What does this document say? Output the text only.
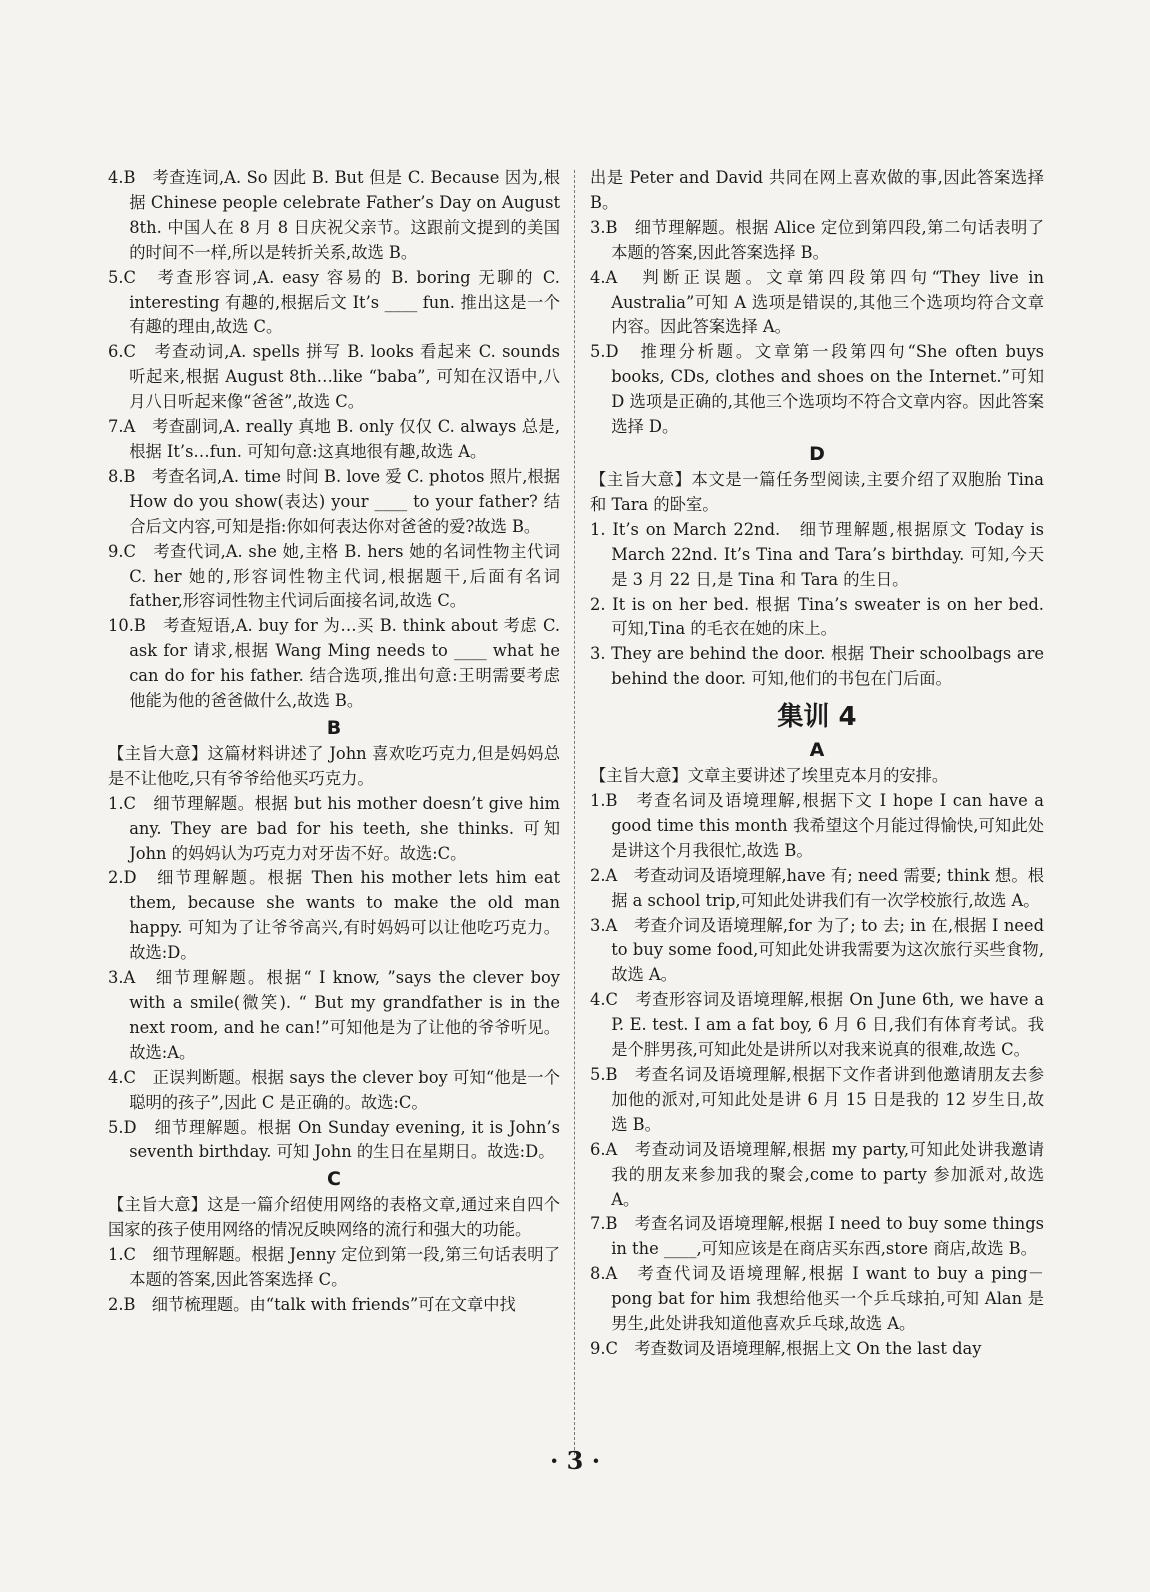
4.B　考查连词,A. So 因此 B. But 但是 C. Because 因为,根据 Chinese people celebrate Father’s Day on August 8th. 中国人在 8 月 8 日庆祝父亲节。这跟前文提到的美国的时间不一样,所以是转折关系,故选 B。
5.C　考查形容词,A. easy 容易的 B. boring 无聊的 C. interesting 有趣的,根据后文 It’s ____ fun. 推出这是一个有趣的理由,故选 C。
6.C　考查动词,A. spells 拼写 B. looks 看起来 C. sounds 听起来,根据 August 8th…like “baba”, 可知在汉语中,八月八日听起来像“爸爸”,故选 C。
7.A　考查副词,A. really 真地 B. only 仅仅 C. always 总是,根据 It’s…fun. 可知句意:这真地很有趣,故选 A。
8.B　考查名词,A. time 时间 B. love 爱 C. photos 照片,根据 How do you show(表达) your ____ to your father? 结合后文内容,可知是指:你如何表达你对爸爸的爱?故选 B。
9.C　考查代词,A. she 她,主格 B. hers 她的名词性物主代词 C. her 她的,形容词性物主代词,根据题干,后面有名词 father,形容词性物主代词后面接名词,故选 C。
10.B　考查短语,A. buy for 为…买 B. think about 考虑 C. ask for 请求,根据 Wang Ming needs to ____ what he can do for his father. 结合选项,推出句意:王明需要考虑他能为他的爸爸做什么,故选 B。
B
【主旨大意】这篇材料讲述了 John 喜欢吃巧克力,但是妈妈总是不让他吃,只有爷爷给他买巧克力。
1.C　细节理解题。根据 but his mother doesn’t give him any. They are bad for his teeth, she thinks. 可知 John 的妈妈认为巧克力对牙齿不好。故选:C。
2.D　细节理解题。根据 Then his mother lets him eat them, because she wants to make the old man happy. 可知为了让爷爷高兴,有时妈妈可以让他吃巧克力。故选:D。
3.A　细节理解题。根据“ I know, ”says the clever boy with a smile(微笑). “ But my grandfather is in the next room, and he can!”可知他是为了让他的爷爷听见。故选:A。
4.C　正误判断题。根据 says the clever boy 可知“他是一个聪明的孩子”,因此 C 是正确的。故选:C。
5.D　细节理解题。根据 On Sunday evening, it is John’s seventh birthday. 可知 John 的生日在星期日。故选:D。
C
【主旨大意】这是一篇介绍使用网络的表格文章,通过来自四个国家的孩子使用网络的情况反映网络的流行和强大的功能。
1.C　细节理解题。根据 Jenny 定位到第一段,第三句话表明了本题的答案,因此答案选择 C。
2.B　细节梳理题。由“talk with friends”可在文章中找
出是 Peter and David 共同在网上喜欢做的事,因此答案选择 B。
3.B　细节理解题。根据 Alice 定位到第四段,第二句话表明了本题的答案,因此答案选择 B。
4.A　判断正误题。文章第四段第四句“They live in Australia”可知 A 选项是错误的,其他三个选项均符合文章内容。因此答案选择 A。
5.D　推理分析题。文章第一段第四句“She often buys books, CDs, clothes and shoes on the Internet.”可知 D 选项是正确的,其他三个选项均不符合文章内容。因此答案选择 D。
D
【主旨大意】本文是一篇任务型阅读,主要介绍了双胞胎 Tina 和 Tara 的卧室。
1. It’s on March 22nd.　细节理解题,根据原文 Today is March 22nd. It’s Tina and Tara’s birthday. 可知,今天是 3 月 22 日,是 Tina 和 Tara 的生日。
2. It is on her bed. 根据 Tina’s sweater is on her bed. 可知,Tina 的毛衣在她的床上。
3. They are behind the door. 根据 Their schoolbags are behind the door. 可知,他们的书包在门后面。
集训 4
A
【主旨大意】文章主要讲述了埃里克本月的安排。
1.B　考查名词及语境理解,根据下文 I hope I can have a good time this month 我希望这个月能过得愉快,可知此处是讲这个月我很忙,故选 B。
2.A　考查动词及语境理解,have 有; need 需要; think 想。根据 a school trip,可知此处讲我们有一次学校旅行,故选 A。
3.A　考查介词及语境理解,for 为了; to 去; in 在,根据 I need to buy some food,可知此处讲我需要为这次旅行买些食物,故选 A。
4.C　考查形容词及语境理解,根据 On June 6th, we have a P. E. test. I am a fat boy, 6 月 6 日,我们有体育考试。我是个胖男孩,可知此处是讲所以对我来说真的很难,故选 C。
5.B　考查名词及语境理解,根据下文作者讲到他邀请朋友去参加他的派对,可知此处是讲 6 月 15 日是我的 12 岁生日,故选 B。
6.A　考查动词及语境理解,根据 my party,可知此处讲我邀请我的朋友来参加我的聚会,come to party 参加派对,故选 A。
7.B　考查名词及语境理解,根据 I need to buy some things in the ____,可知应该是在商店买东西,store 商店,故选 B。
8.A　考查代词及语境理解,根据 I want to buy a ping－pong bat for him 我想给他买一个乒乓球拍,可知 Alan 是男生,此处讲我知道他喜欢乒乓球,故选 A。
9.C　考查数词及语境理解,根据上文 On the last day
· 3 ·
